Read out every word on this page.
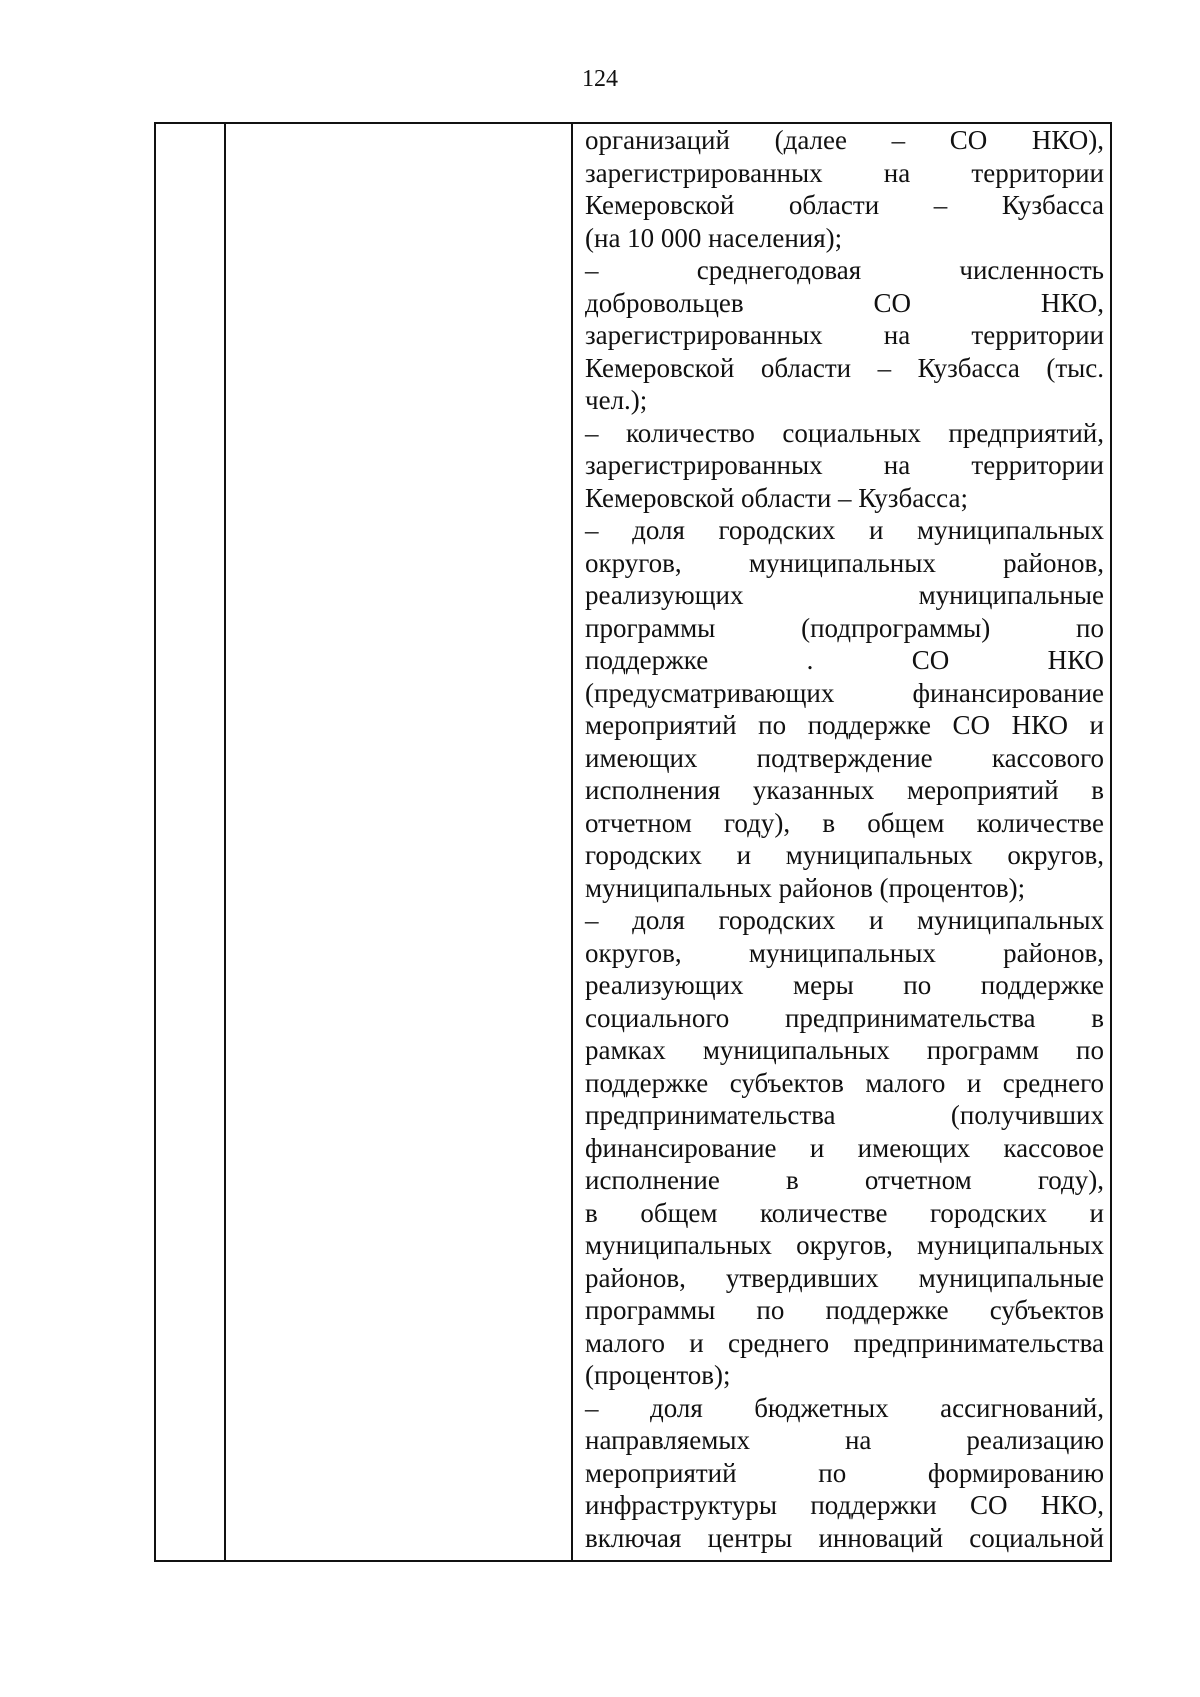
124
организаций (далее – СО НКО),
зарегистрированных на территории
Кемеровской области – Кузбасса
(на 10 000 населения);
– среднегодовая численность
добровольцев СО НКО,
зарегистрированных на территории
Кемеровской области – Кузбасса (тыс.
чел.);
– количество социальных предприятий,
зарегистрированных на территории
Кемеровской области – Кузбасса;
– доля городских и муниципальных
округов, муниципальных районов,
реализующих муниципальные
программы (подпрограммы) по
поддержке . СО НКО
(предусматривающих финансирование
мероприятий по поддержке СО НКО и
имеющих подтверждение кассового
исполнения указанных мероприятий в
отчетном году), в общем количестве
городских и муниципальных округов,
муниципальных районов (процентов);
– доля городских и муниципальных
округов, муниципальных районов,
реализующих меры по поддержке
социального предпринимательства в
рамках муниципальных программ по
поддержке субъектов малого и среднего
предпринимательства (получивших
финансирование и имеющих кассовое
исполнение в отчетном году),
в общем количестве городских и
муниципальных округов, муниципальных
районов, утвердивших муниципальные
программы по поддержке субъектов
малого и среднего предпринимательства
(процентов);
– доля бюджетных ассигнований,
направляемых на реализацию
мероприятий по формированию
инфраструктуры поддержки СО НКО,
включая центры инноваций социальной
